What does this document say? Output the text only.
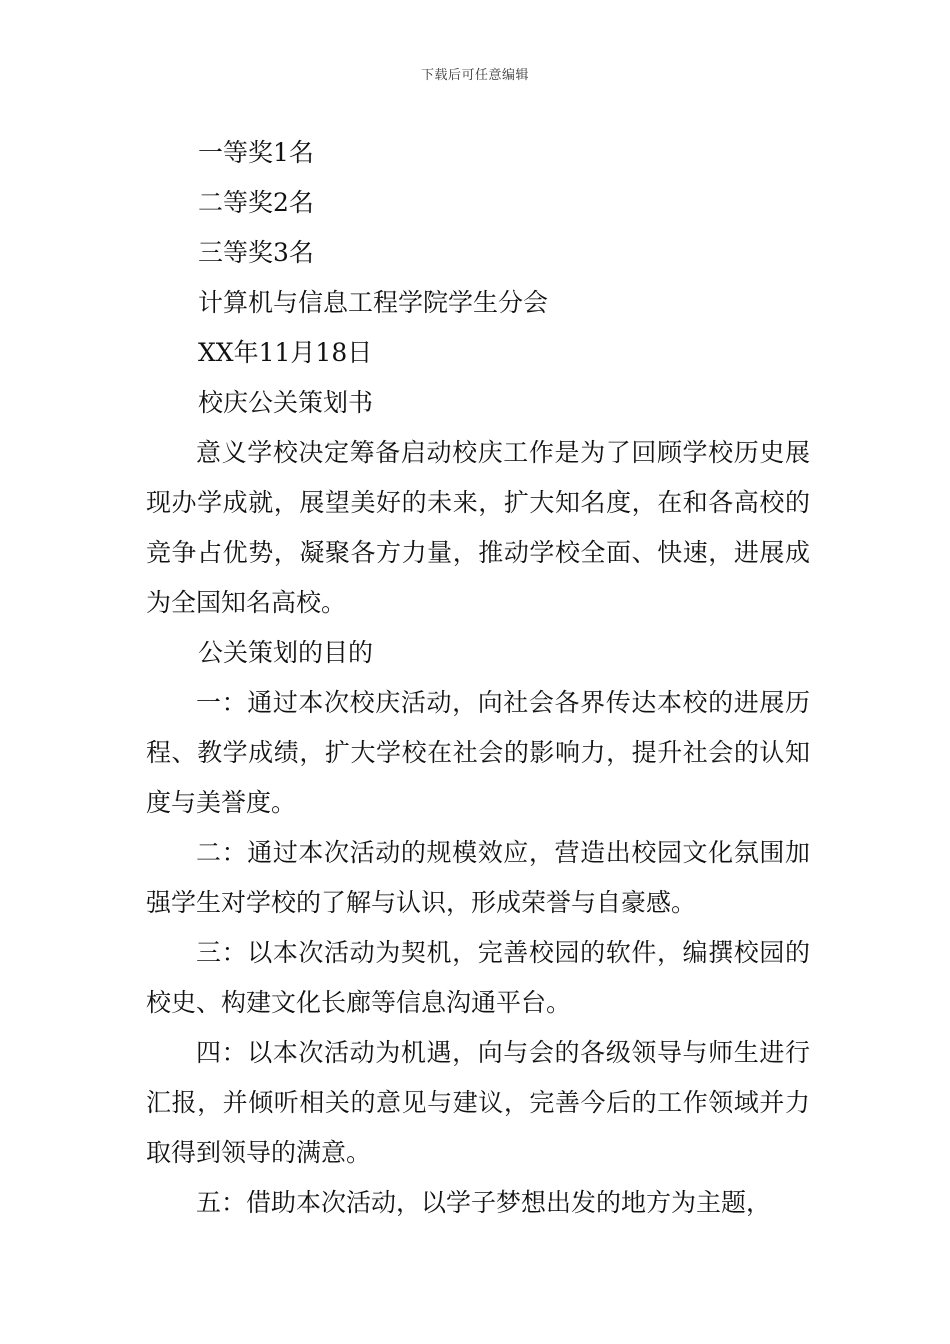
下载后可任意编辑
一等奖1名
二等奖2名
三等奖3名
计算机与信息工程学院学生分会
XX年11月18日
校庆公关策划书

意义学校决定筹备启动校庆工作是为了回顾学校历史展现办学成就，展望美好的未来，扩大知名度，在和各高校的竞争占优势，凝聚各方力量，推动学校全面、快速，进展成为全国知名高校。

公关策划的目的

一：通过本次校庆活动，向社会各界传达本校的进展历程、教学成绩，扩大学校在社会的影响力，提升社会的认知度与美誉度。

二：通过本次活动的规模效应，营造出校园文化氛围加强学生对学校的了解与认识，形成荣誉与自豪感。

三：以本次活动为契机，完善校园的软件，编撰校园的校史、构建文化长廊等信息沟通平台。

四：以本次活动为机遇，向与会的各级领导与师生进行汇报，并倾听相关的意见与建议，完善今后的工作领域并力取得到领导的满意。

五：借助本次活动，以学子梦想出发的地方为主题，
